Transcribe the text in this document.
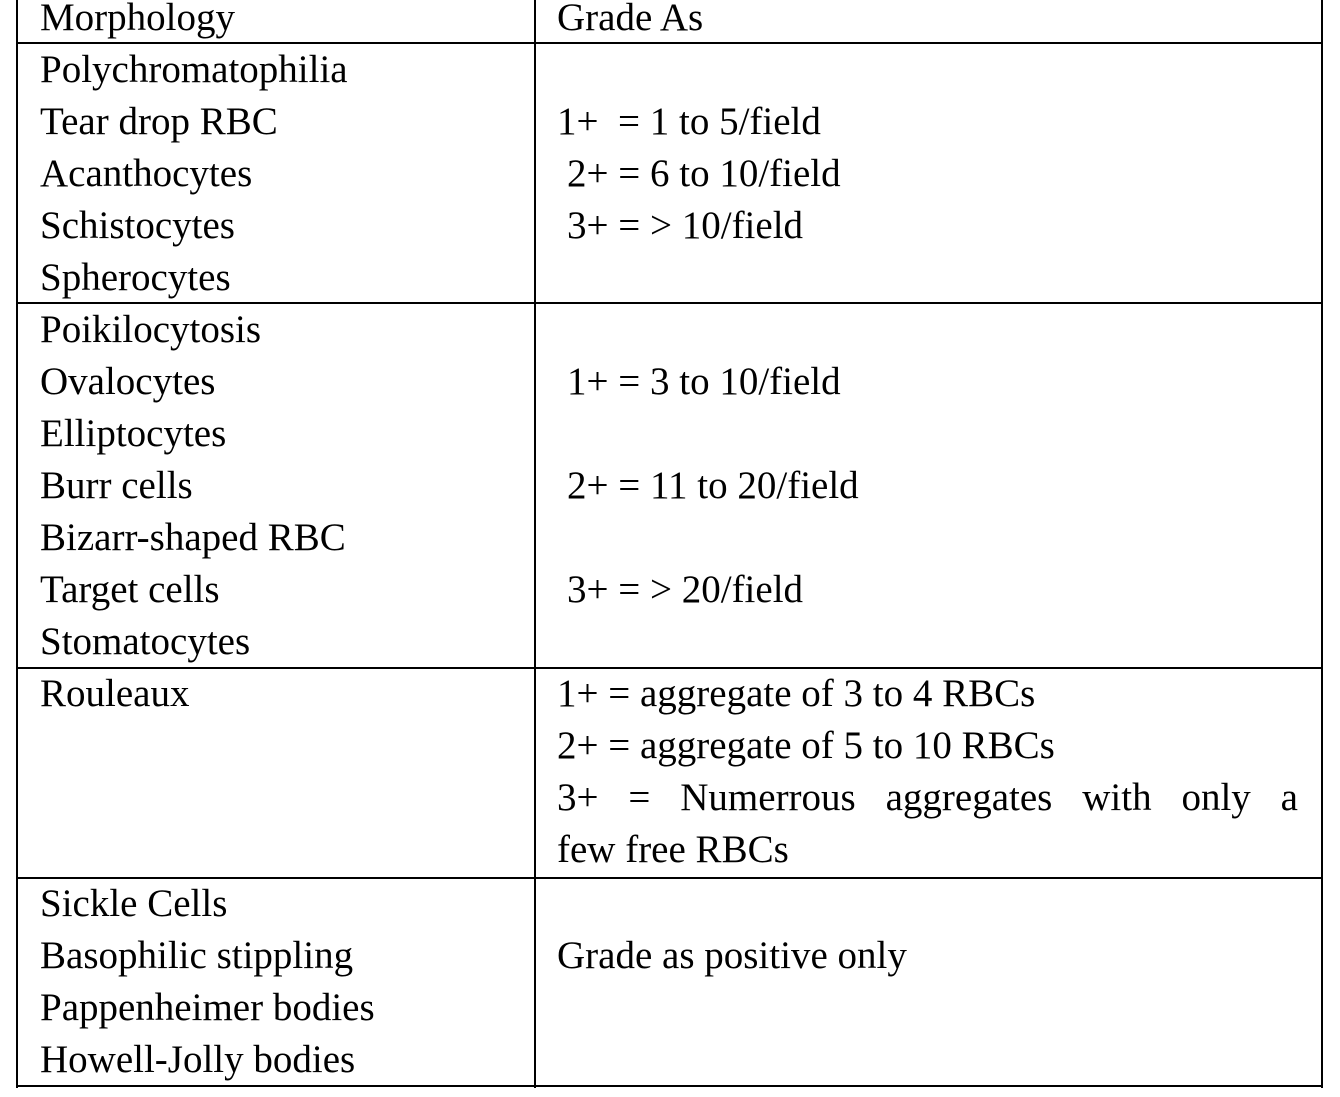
Morphology	Grade As
Polychromatophilia
Tear drop RBC
Acanthocytes
Schistocytes
Spherocytes
1+  = 1 to 5/field
2+ = 6 to 10/field
3+ = > 10/field
Poikilocytosis
Ovalocytes
Elliptocytes
Burr cells
Bizarr-shaped RBC
Target cells
Stomatocytes
1+ = 3 to 10/field
2+ = 11 to 20/field
3+ = > 20/field
Rouleaux	1+ = aggregate of 3 to 4 RBCs
2+ = aggregate of 5 to 10 RBCs
3+ = Numerrous aggregates with only a
few free RBCs
Sickle Cells
Basophilic stippling
Pappenheimer bodies
Howell-Jolly bodies
Grade as positive only
